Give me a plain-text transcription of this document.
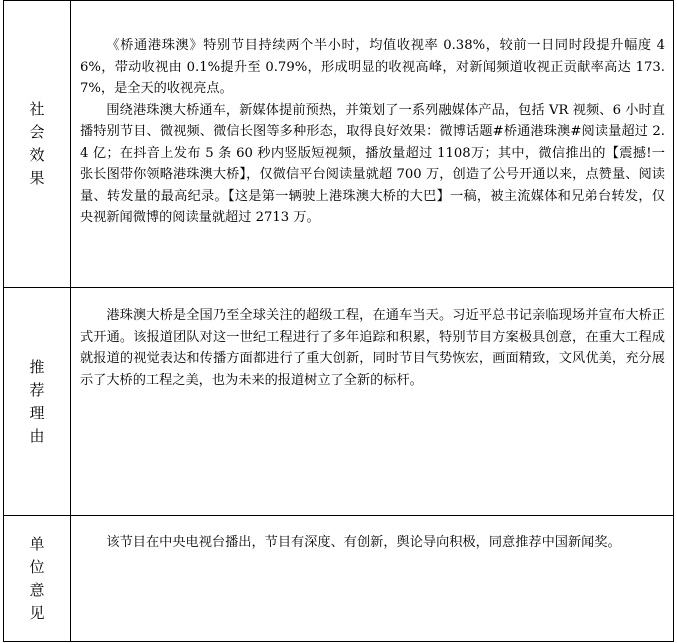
社会效果	《桥通港珠澳》特别节目持续两个半小时，均值收视率 0.38%，较前一日同时段提升幅度 46%，带动收视由 0.1%提升至 0.79%，形成明显的收视高峰，对新闻频道收视正贡献率高达 173.7%，是全天的收视亮点。

围绕港珠澳大桥通车，新媒体提前预热，并策划了一系列融媒体产品，包括 VR 视频、6 小时直播特别节目、微视频、微信长图等多种形态，取得良好效果：微博话题#桥通港珠澳#阅读量超过 2.4 亿；在抖音上发布 5 条 60 秒内竖版短视频，播放量超过 1108万；其中，微信推出的【震撼!一张长图带你领略港珠澳大桥】，仅微信平台阅读量就超 700 万，创造了公号开通以来，点赞量、阅读量、转发量的最高纪录。【这是第一辆驶上港珠澳大桥的大巴】一稿，被主流媒体和兄弟台转发，仅央视新闻微博的阅读量就超过 2713 万。

推荐理由	港珠澳大桥是全国乃至全球关注的超级工程，在通车当天。习近平总书记亲临现场并宣布大桥正式开通。该报道团队对这一世纪工程进行了多年追踪和积累，特别节目方案极具创意，在重大工程成就报道的视觉表达和传播方面都进行了重大创新，同时节目气势恢宏，画面精致，文风优美，充分展示了大桥的工程之美，也为未来的报道树立了全新的标杆。

单位意见	该节目在中央电视台播出，节目有深度、有创新，舆论导向积极，同意推荐中国新闻奖。
